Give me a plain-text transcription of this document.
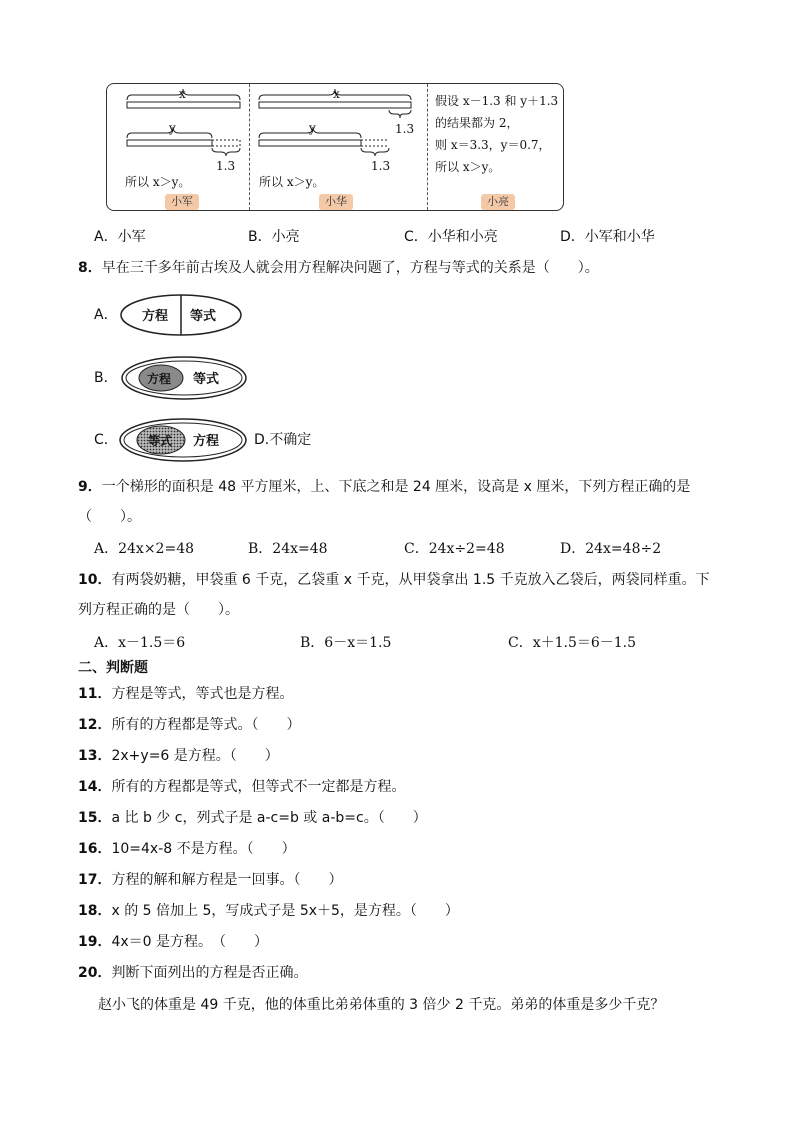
x
y
1.3
所以 x＞y。
小军
x
1.3
y
1.3
所以 x＞y。
小华
假设 x－1.3 和 y＋1.3
的结果都为 2，
则 x＝3.3，y＝0.7，
所以 x＞y。
小亮
A．小军	B．小亮	C．小华和小亮	D．小军和小华
8．早在三千多年前古埃及人就会用方程解决问题了，方程与等式的关系是（　　）。
A． 方程 等式
B． 方程 等式
C．	等式 方程 D.不确定
9．一个梯形的面积是 48 平方厘米，上、下底之和是 24 厘米，设高是 x 厘米，下列方程正确的是
（　　）。
A．24x×2=48	B．24x=48	C．24x÷2=48	D．24x=48÷2
10．有两袋奶糖，甲袋重 6 千克，乙袋重 x 千克，从甲袋拿出 1.5 千克放入乙袋后，两袋同样重。下
列方程正确的是（　　）。
A．x－1.5＝6	B．6－x＝1.5	C．x＋1.5＝6－1.5
二、判断题
11．方程是等式，等式也是方程。
12．所有的方程都是等式。（　　）
13．2x+y=6 是方程。（　　）
14．所有的方程都是等式，但等式不一定都是方程。
15．a 比 b 少 c，列式子是 a-c=b 或 a-b=c。（　　）
16．10=4x-8 不是方程。（　　）
17．方程的解和解方程是一回事。（　　）
18．x 的 5 倍加上 5，写成式子是 5x＋5，是方程。（　　）
19．4x＝0 是方程。　（　　）
20．判断下面列出的方程是否正确。
赵小飞的体重是 49 千克，他的体重比弟弟体重的 3 倍少 2 千克。弟弟的体重是多少千克？
